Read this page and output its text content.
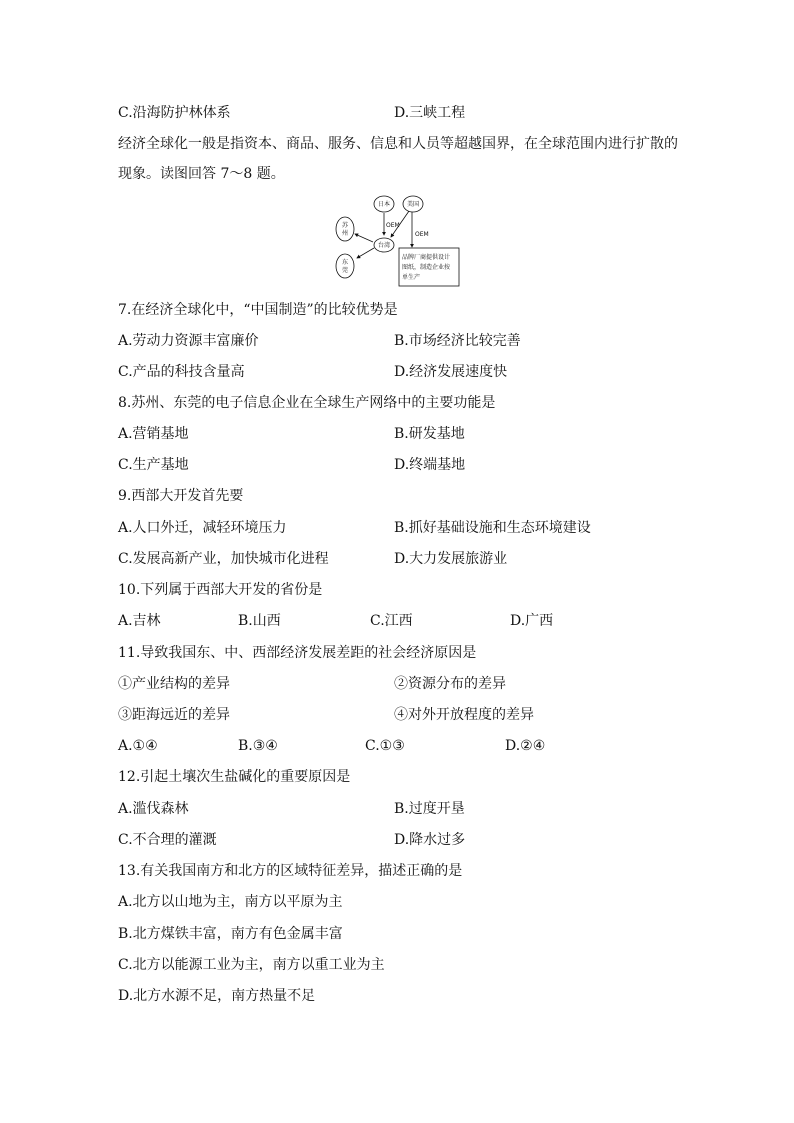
C.沿海防护林体系	D.三峡工程
经济全球化一般是指资本、商品、服务、信息和人员等超越国界，在全球范围内进行扩散的
现象。读图回答 7～8 题。
日本	美国
台湾
苏
州
东
莞
OEM
OEM
品牌厂商提供设计
图纸，制造企业按
单生产
7.在经济全球化中，“中国制造”的比较优势是
A.劳动力资源丰富廉价	B.市场经济比较完善
C.产品的科技含量高	D.经济发展速度快
8.苏州、东莞的电子信息企业在全球生产网络中的主要功能是
A.营销基地	B.研发基地
C.生产基地	D.终端基地
9.西部大开发首先要
A.人口外迁，减轻环境压力	B.抓好基础设施和生态环境建设
C.发展高新产业，加快城市化进程	D.大力发展旅游业
10.下列属于西部大开发的省份是
A.吉林	B.山西	C.江西	D.广西
11.导致我国东、中、西部经济发展差距的社会经济原因是
①产业结构的差异	②资源分布的差异
③距海远近的差异	④对外开放程度的差异
A.①④	B.③④	C.①③	D.②④
12.引起土壤次生盐碱化的重要原因是
A.滥伐森林	B.过度开垦
C.不合理的灌溉	D.降水过多
13.有关我国南方和北方的区域特征差异，描述正确的是
A.北方以山地为主，南方以平原为主
B.北方煤铁丰富，南方有色金属丰富
C.北方以能源工业为主，南方以重工业为主
D.北方水源不足，南方热量不足
